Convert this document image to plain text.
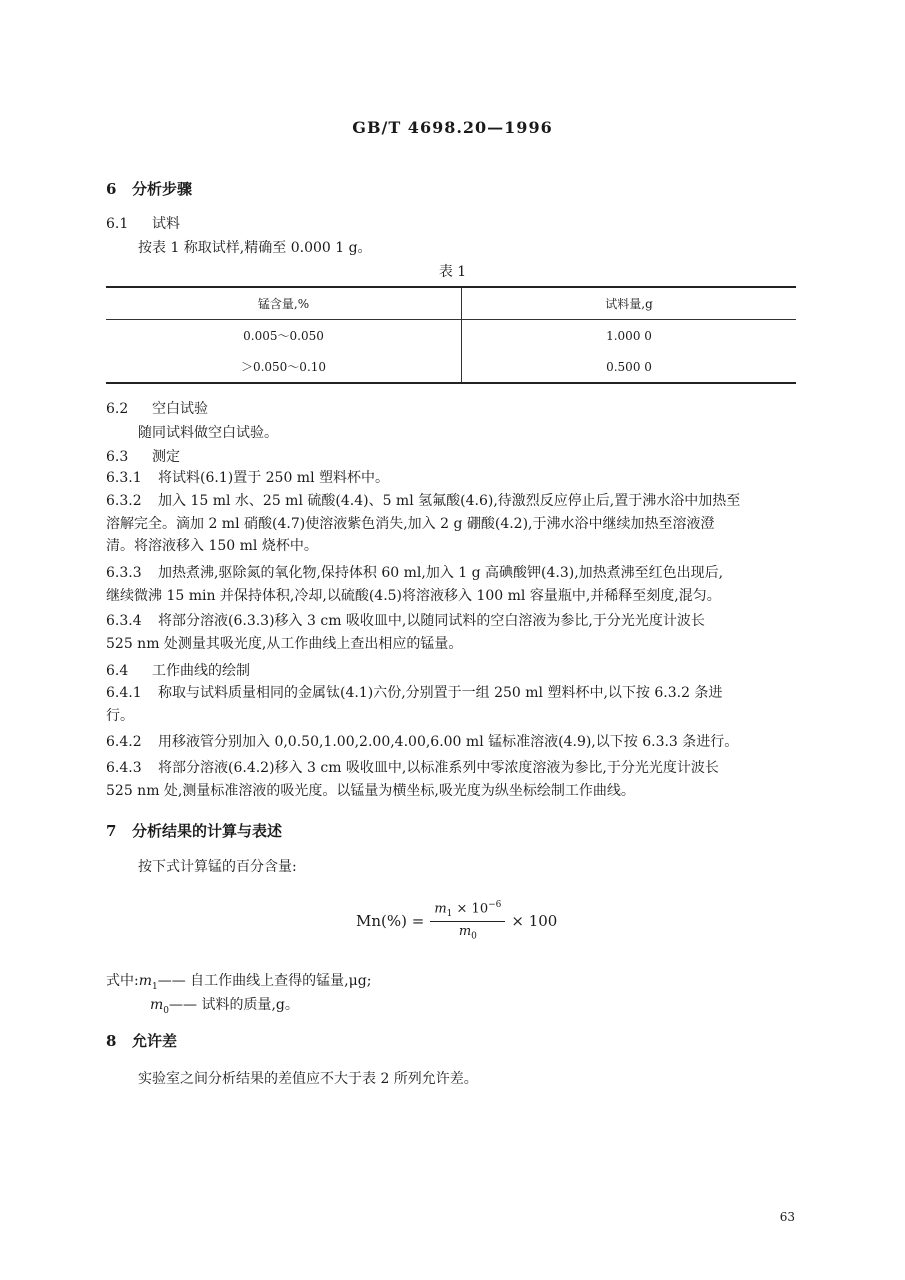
GB/T 4698.20—1996
6 分析步骤
6.1 试料
按表 1 称取试样,精确至 0.000 1 g。
表 1
锰含量,%	试料量,g
0.005～0.050	1.000 0
＞0.050～0.10	0.500 0
6.2 空白试验
随同试料做空白试验。
6.3 测定
6.3.1 将试料(6.1)置于 250 ml 塑料杯中。
6.3.2 加入 15 ml 水、25 ml 硫酸(4.4)、5 ml 氢氟酸(4.6),待激烈反应停止后,置于沸水浴中加热至
溶解完全。滴加 2 ml 硝酸(4.7)使溶液紫色消失,加入 2 g 硼酸(4.2),于沸水浴中继续加热至溶液澄
清。将溶液移入 150 ml 烧杯中。
6.3.3 加热煮沸,驱除氮的氧化物,保持体积 60 ml,加入 1 g 高碘酸钾(4.3),加热煮沸至红色出现后,
继续微沸 15 min 并保持体积,冷却,以硫酸(4.5)将溶液移入 100 ml 容量瓶中,并稀释至刻度,混匀。
6.3.4 将部分溶液(6.3.3)移入 3 cm 吸收皿中,以随同试料的空白溶液为参比,于分光光度计波长
525 nm 处测量其吸光度,从工作曲线上查出相应的锰量。
6.4 工作曲线的绘制
6.4.1 称取与试料质量相同的金属钛(4.1)六份,分别置于一组 250 ml 塑料杯中,以下按 6.3.2 条进
行。
6.4.2 用移液管分别加入 0,0.50,1.00,2.00,4.00,6.00 ml 锰标准溶液(4.9),以下按 6.3.3 条进行。
6.4.3 将部分溶液(6.4.2)移入 3 cm 吸收皿中,以标准系列中零浓度溶液为参比,于分光光度计波长
525 nm 处,测量标准溶液的吸光度。以锰量为横坐标,吸光度为纵坐标绘制工作曲线。
7 分析结果的计算与表述
按下式计算锰的百分含量:
$Mn(\%) = \frac{m_1 \times 10^{-6}}{m_0} \times 100$
式中$:m_1——$ 自工作曲线上查得的锰量,μg;
$m_0——$ 试料的质量,g。
8 允许差
实验室之间分析结果的差值应不大于表 2 所列允许差。
63
